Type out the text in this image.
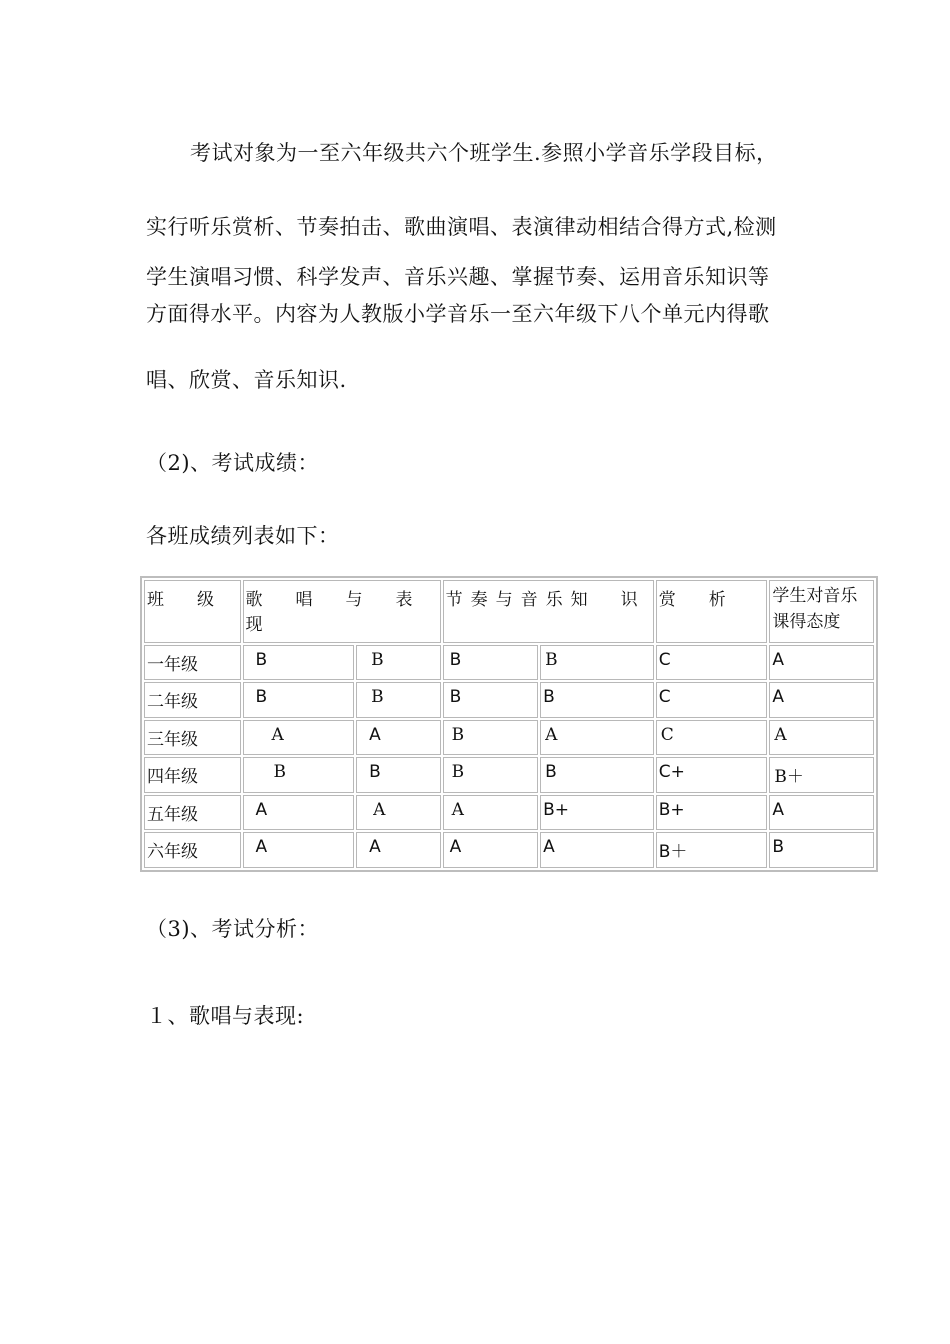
考试对象为一至六年级共六个班学生.参照小学音乐学段目标，
实行听乐赏析、节奏拍击、歌曲演唱、表演律动相结合得方式,检测
学生演唱习惯、科学发声、音乐兴趣、掌握节奏、运用音乐知识等
方面得水平。内容为人教版小学音乐一至六年级下八个单元内得歌
唱、欣赏、音乐知识.
（2)、考试成绩：
各班成绩列表如下：
班　级	歌　唱　与　表现		节奏与音乐知　识		赏　析	学生对音乐课得态度
一年级	B	B	B	B	C	A
二年级	B	B	B	B	C	A
三年级	A	A	B	A	C	A
四年级	B	B	B	B	C+	B＋
五年级	A	A	A	B+	B+	A
六年级	A	A	A	A	B＋	B
（3)、考试分析：
１、歌唱与表现:
